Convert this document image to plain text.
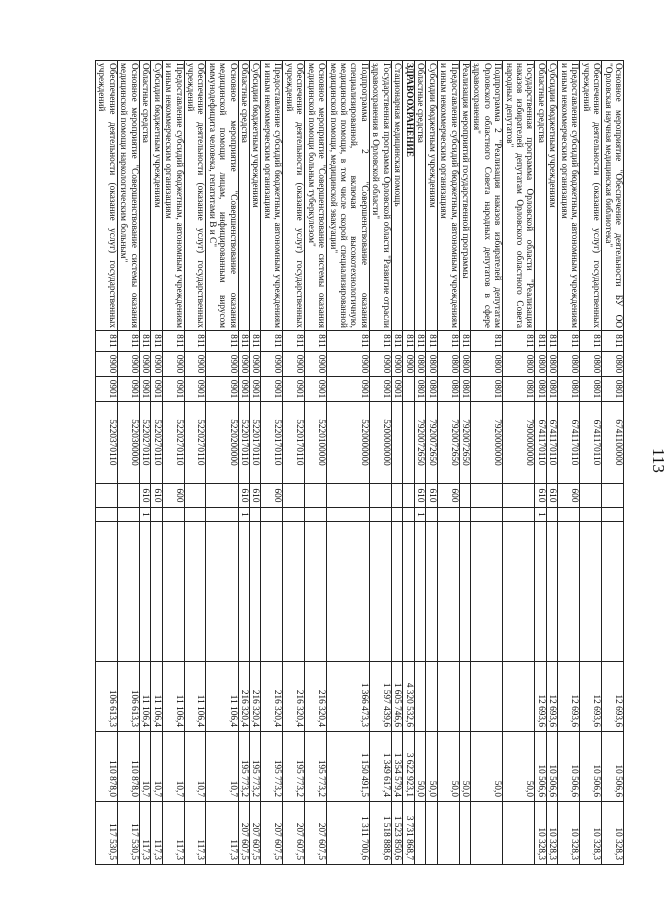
113
Основное мероприятие "Обеспечение деятельности БУ ОО "Орловская научная медицинская библиотека"	811	0800	0801	6741100000				12 693,6	10 506,6	10 328,3
Обеспечение деятельности (оказание услуг) государственных учреждений	811	0800	0801	6741170110				12 693,6	10 506,6	10 328,3
Предоставление субсидий бюджетным, автономным учреждениям и иным некоммерческим организациям	811	0800	0801	6741170110	600			12 693,6	10 506,6	10 328,3
Субсидии бюджетным учреждениям	811	0800	0801	6741170110	610			12 693,6	10 506,6	10 328,3
Областные средства	811	0800	0801	6741170110	610	1		12 693,6	10 506,6	10 328,3
Государственная программа Орловской области "Реализация наказов избирателей депутатам Орловского областного Совета народных депутатов"	811	0800	0801	7900000000					50,0	
Подпрограмма 2 "Реализация наказов избирателей депутатам Орловского областного Совета народных депутатов в сфере здравоохранения"	811	0800	0801	7920000000					50,0	
Реализация мероприятий государственной программы	811	0800	0801	7920072650					50,0	
Предоставление субсидий бюджетным, автономным учреждениям и иным некоммерческим организациям	811	0800	0801	7920072650	600				50,0	
Субсидии бюджетным учреждениям	811	0800	0801	7920072650	610				50,0	
Областные средства	811	0800	0801	7920072650	610	1			50,0	
ЗДРАВООХРАНЕНИЕ	811	0900						4 320 532,6	3 622 923,1	3 731 868,7
Стационарная медицинская помощь	811	0900	0901					1 605 746,6	1 354 579,4	1 523 850,6
Государственная программа Орловской области "Развитие отрасли здравоохранения в Орловской области"	811	0900	0901	5200000000				1 597 439,6	1 349 617,4	1 518 888,6
Подпрограмма 2 "Совершенствование оказания специализированной, включая высокотехнологичную, медицинской помощи, в том числе скорой специализированной медицинской помощи, медицинской эвакуации"	811	0900	0901	5220000000				1 366 473,3	1 150 491,5	1 311 700,6
Основное мероприятие "Совершенствование системы оказания медицинской помощи больным туберкулезом"	811	0900	0901	5220100000				216 320,4	195 773,2	207 607,5
Обеспечение деятельности (оказание услуг) государственных учреждений	811	0900	0901	5220170110				216 320,4	195 773,2	207 607,5
Предоставление субсидий бюджетным, автономным учреждениям и иным некоммерческим организациям	811	0900	0901	5220170110	600			216 320,4	195 773,2	207 607,5
Субсидии бюджетным учреждениям	811	0900	0901	5220170110	610			216 320,4	195 773,2	207 607,5
Областные средства	811	0900	0901	5220170110	610	1		216 320,4	195 773,2	207 607,5
Основное мероприятие "Совершенствование оказания медицинской помощи лицам, инфицированным вирусом иммунодефицита человека, гепатитами B и C"	811	0900	0901	5220200000				11 106,4	10,7	117,3
Обеспечение деятельности (оказание услуг) государственных учреждений	811	0900	0901	5220270110				11 106,4	10,7	117,3
Предоставление субсидий бюджетным, автономным учреждениям и иным некоммерческим организациям	811	0900	0901	5220270110	600			11 106,4	10,7	117,3
Субсидии бюджетным учреждениям	811	0900	0901	5220270110	610			11 106,4	10,7	117,3
Областные средства	811	0900	0901	5220270110	610	1		11 106,4	10,7	117,3
Основное мероприятие "Совершенствование системы оказания медицинской помощи наркологическим больным"	811	0900	0901	5220300000				106 613,3	110 878,0	117 530,5
Обеспечение деятельности (оказание услуг) государственных учреждений	811	0900	0901	5220370110				106 613,3	110 878,0	117 530,5
